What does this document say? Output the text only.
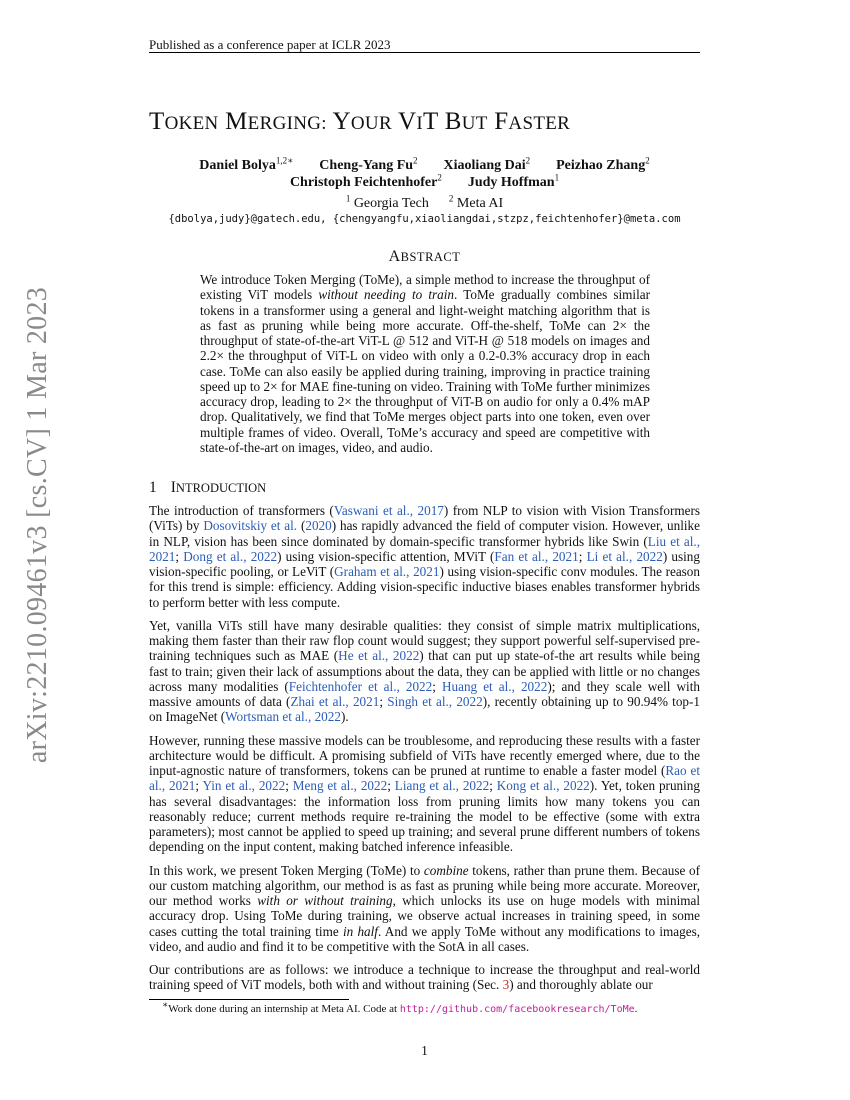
Published as a conference paper at ICLR 2023
arXiv:2210.09461v3 [cs.CV] 1 Mar 2023
TOKEN MERGING: YOUR VIT BUT FASTER
Daniel Bolya$^{1,2∗}$ Cheng-Yang Fu$^2$ Xiaoliang Dai$^2$ Peizhao Zhang$^2$
Christoph Feichtenhofer$^2$ Judy Hoffman$^1$
$^1$ Georgia Tech $^2$ Meta AI
{dbolya,judy}@gatech.edu, {chengyangfu,xiaoliangdai,stzpz,feichtenhofer}@meta.com
ABSTRACT
We introduce Token Merging (ToMe), a simple method to increase the throughput of existing ViT models without needing to train. ToMe gradually combines similar tokens in a transformer using a general and light-weight matching algorithm that is as fast as pruning while being more accurate. Off-the-shelf, ToMe can 2× the throughput of state-of-the-art ViT-L @ 512 and ViT-H @ 518 models on images and 2.2× the throughput of ViT-L on video with only a 0.2-0.3% accuracy drop in each case. ToMe can also easily be applied during training, improving in practice training speed up to 2× for MAE fine-tuning on video. Training with ToMe further minimizes accuracy drop, leading to 2× the throughput of ViT-B on audio for only a 0.4% mAP drop. Qualitatively, we find that ToMe merges object parts into one token, even over multiple frames of video. Overall, ToMe’s accuracy and speed are competitive with state-of-the-art on images, video, and audio.
1 INTRODUCTION

The introduction of transformers (Vaswani et al., 2017) from NLP to vision with Vision Transformers (ViTs) by Dosovitskiy et al. (2020) has rapidly advanced the field of computer vision. However, unlike in NLP, vision has been since dominated by domain-specific transformer hybrids like Swin (Liu et al., 2021; Dong et al., 2022) using vision-specific attention, MViT (Fan et al., 2021; Li et al., 2022) using vision-specific pooling, or LeViT (Graham et al., 2021) using vision-specific conv modules. The reason for this trend is simple: efficiency. Adding vision-specific inductive biases enables transformer hybrids to perform better with less compute.

Yet, vanilla ViTs still have many desirable qualities: they consist of simple matrix multiplications, making them faster than their raw flop count would suggest; they support powerful self-supervised pre-training techniques such as MAE (He et al., 2022) that can put up state-of-the art results while being fast to train; given their lack of assumptions about the data, they can be applied with little or no changes across many modalities (Feichtenhofer et al., 2022; Huang et al., 2022); and they scale well with massive amounts of data (Zhai et al., 2021; Singh et al., 2022), recently obtaining up to 90.94% top-1 on ImageNet (Wortsman et al., 2022).

However, running these massive models can be troublesome, and reproducing these results with a faster architecture would be difficult. A promising subfield of ViTs have recently emerged where, due to the input-agnostic nature of transformers, tokens can be pruned at runtime to enable a faster model (Rao et al., 2021; Yin et al., 2022; Meng et al., 2022; Liang et al., 2022; Kong et al., 2022). Yet, token pruning has several disadvantages: the information loss from pruning limits how many tokens you can reasonably reduce; current methods require re-training the model to be effective (some with extra parameters); most cannot be applied to speed up training; and several prune different numbers of tokens depending on the input content, making batched inference infeasible.

In this work, we present Token Merging (ToMe) to combine tokens, rather than prune them. Because of our custom matching algorithm, our method is as fast as pruning while being more accurate. Moreover, our method works with or without training, which unlocks its use on huge models with minimal accuracy drop. Using ToMe during training, we observe actual increases in training speed, in some cases cutting the total training time in half. And we apply ToMe without any modifications to images, video, and audio and find it to be competitive with the SotA in all cases.

Our contributions are as follows: we introduce a technique to increase the throughput and real-world training speed of ViT models, both with and without training (Sec. 3) and thoroughly ablate our

∗Work done during an internship at Meta AI. Code at http://github.com/facebookresearch/ToMe.
1
